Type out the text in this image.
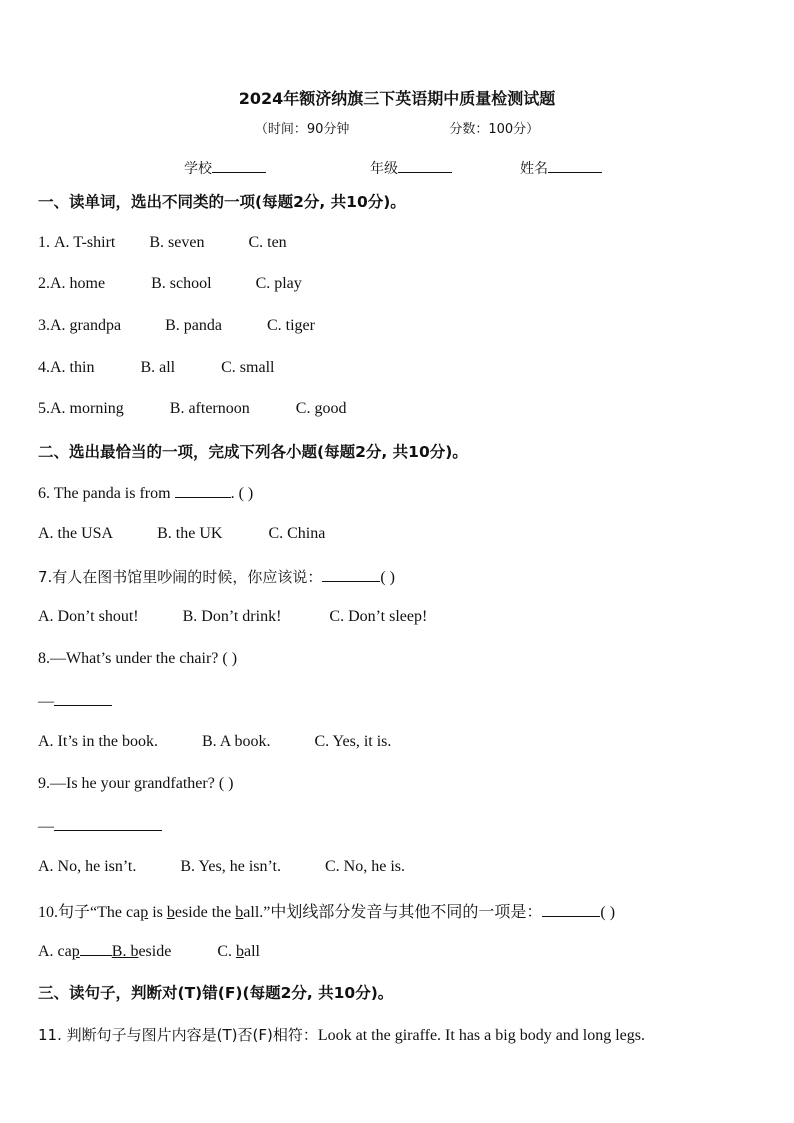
2024年额济纳旗三下英语期中质量检测试题
（时间：90分钟	分数：100分）
学校	年级	姓名
一、读单词，选出不同类的一项(每题2分, 共10分)。
1. A. T-shirt B. seven	C. ten
2.A. home	B. school	C. play
3.A. grandpa	B. panda	C. tiger
4.A. thin	B. all	C. small
5.A. morning	B. afternoon	C. good
二、选出最恰当的一项，完成下列各小题(每题2分, 共10分)。
6. The panda is from	. ( )
A. the USA	B. the UK	C. China
7.有人在图书馆里吵闹的时候，你应该说：	( )
A. Don’t shout!	B. Don’t drink!	C. Don’t sleep!
8.—What’s under the chair? ( )
—
A. It’s in the book.	B. A book.	C. Yes, it is.
9.—Is he your grandfather? ( )
—
A. No, he isn’t.	B. Yes, he isn’t.	C. No, he is.
10.句子“The cap is beside the ball.”中划线部分发音与其他不同的一项是：	( )
A. cap B. beside	C. ball
三、读句子，判断对(T)错(F)(每题2分, 共10分)。
11. 判断句子与图片内容是(T)否(F)相符：Look at the giraffe. It has a big body and long legs.
